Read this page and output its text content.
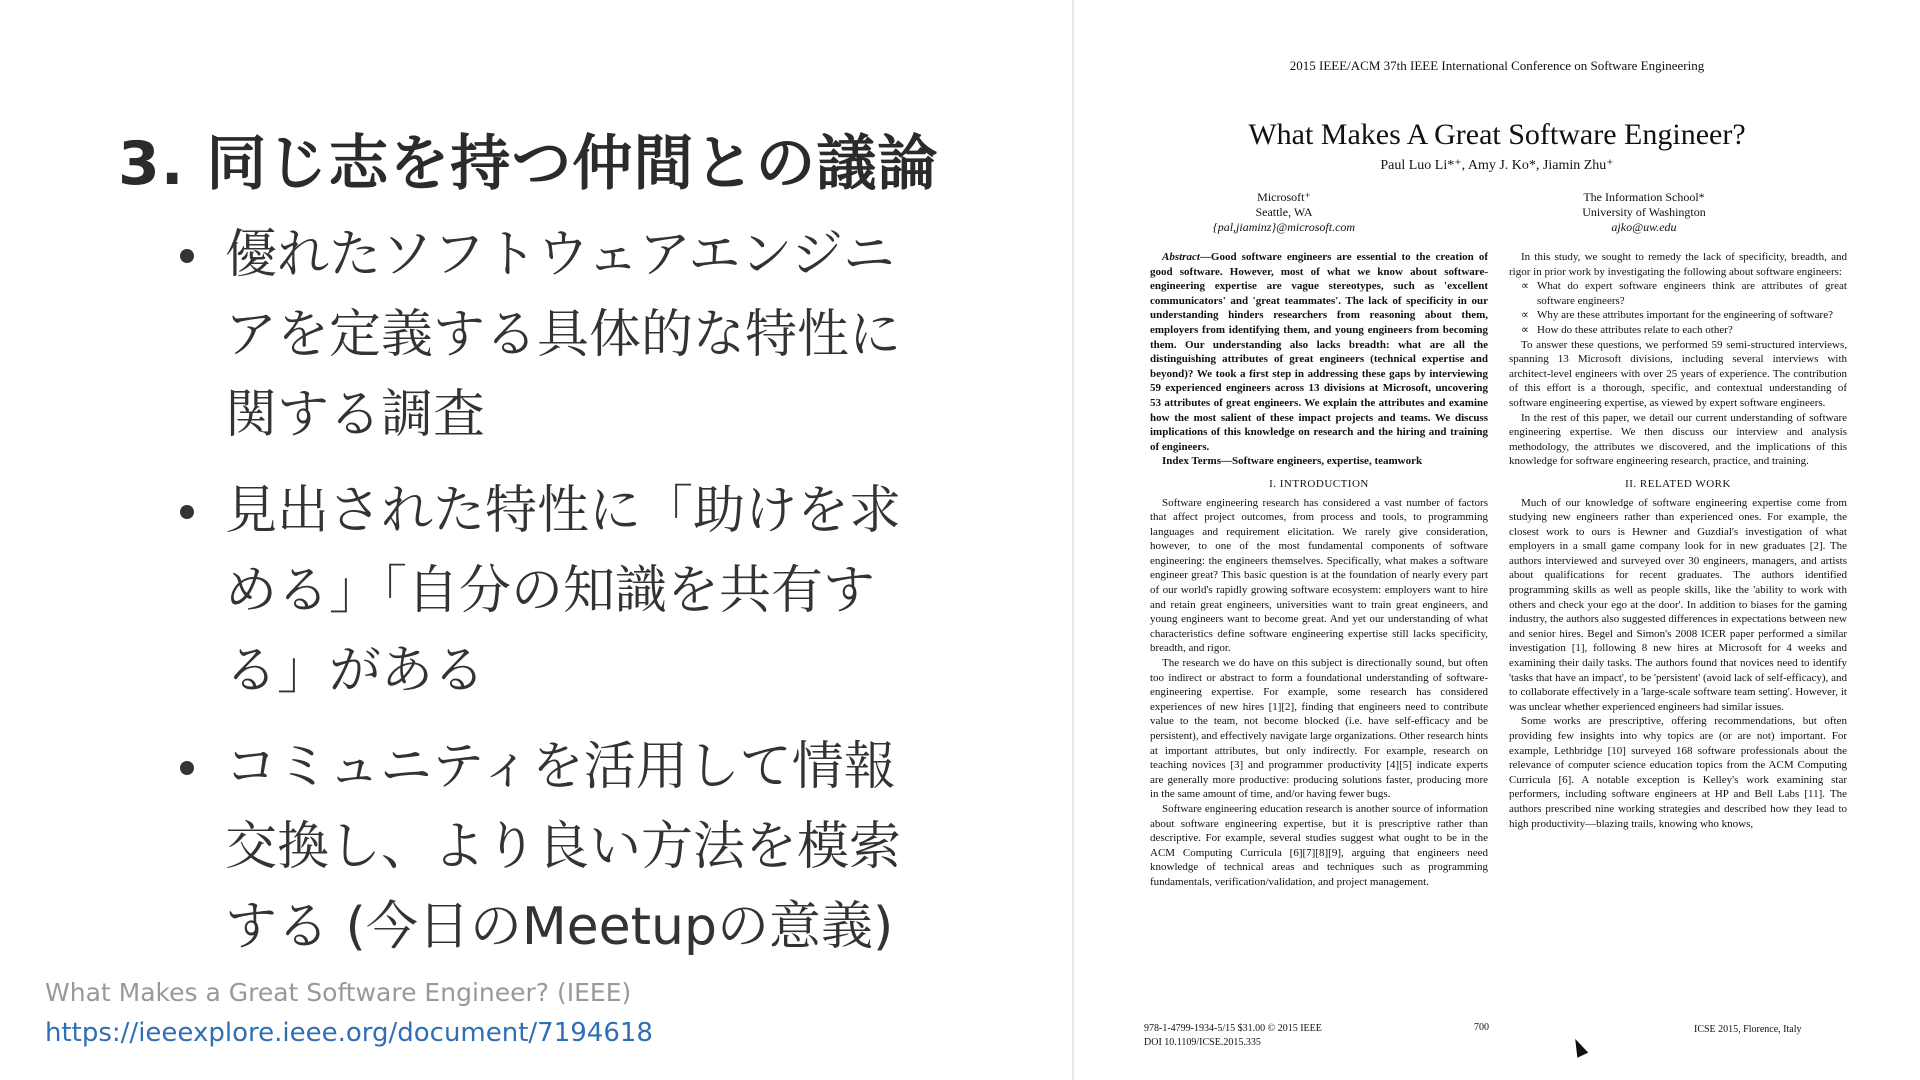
3. 同じ志を持つ仲間との議論
優れたソフトウェアエンジニアを定義する具体的な特性に関する調査
見出された特性に「助けを求める」「自分の知識を共有する」がある
コミュニティを活用して情報交換し、より良い方法を模索する (今日のMeetupの意義)
What Makes a Great Software Engineer? (IEEE)
https://ieeexplore.ieee.org/document/7194618
2015 IEEE/ACM 37th IEEE International Conference on Software Engineering
What Makes A Great Software Engineer?
Paul Luo Li*⁺, Amy J. Ko*, Jiamin Zhu⁺
Microsoft⁺
Seattle, WA
{pal,jiaminz}@microsoft.com
The Information School*
University of Washington
ajko@uw.edu

Abstract—Good software engineers are essential to the creation of good software. However, most of what we know about software-engineering expertise are vague stereotypes, such as 'excellent communicators' and 'great teammates'. The lack of specificity in our understanding hinders researchers from reasoning about them, employers from identifying them, and young engineers from becoming them. Our understanding also lacks breadth: what are all the distinguishing attributes of great engineers (technical expertise and beyond)? We took a first step in addressing these gaps by interviewing 59 experienced engineers across 13 divisions at Microsoft, uncovering 53 attributes of great engineers. We explain the attributes and examine how the most salient of these impact projects and teams. We discuss implications of this knowledge on research and the hiring and training of engineers.

Index Terms—Software engineers, expertise, teamwork

I. INTRODUCTION

Software engineering research has considered a vast number of factors that affect project outcomes, from process and tools, to programming languages and requirement elicitation. We rarely give consideration, however, to one of the most fundamental components of software engineering: the engineers themselves. Specifically, what makes a software engineer great? This basic question is at the foundation of nearly every part of our world's rapidly growing software ecosystem: employers want to hire and retain great engineers, universities want to train great engineers, and young engineers want to become great. And yet our understanding of what characteristics define software engineering expertise still lacks specificity, breadth, and rigor.

The research we do have on this subject is directionally sound, but often too indirect or abstract to form a foundational understanding of software-engineering expertise. For example, some research has considered experiences of new hires [1][2], finding that engineers need to contribute value to the team, not become blocked (i.e. have self-efficacy and be persistent), and effectively navigate large organizations. Other research hints at important attributes, but only indirectly. For example, research on teaching novices [3] and programmer productivity [4][5] indicate experts are generally more productive: producing solutions faster, producing more in the same amount of time, and/or having fewer bugs.

Software engineering education research is another source of information about software engineering expertise, but it is prescriptive rather than descriptive. For example, several studies suggest what ought to be in the ACM Computing Curricula [6][7][8][9], arguing that engineers need knowledge of technical areas and techniques such as programming fundamentals, verification/validation, and project management.

In this study, we sought to remedy the lack of specificity, breadth, and rigor in prior work by investigating the following about software engineers:

∝ What do expert software engineers think are attributes of great software engineers?
∝ Why are these attributes important for the engineering of software?
∝ How do these attributes relate to each other?

To answer these questions, we performed 59 semi-structured interviews, spanning 13 Microsoft divisions, including several interviews with architect-level engineers with over 25 years of experience. The contribution of this effort is a thorough, specific, and contextual understanding of software engineering expertise, as viewed by expert software engineers.

In the rest of this paper, we detail our current understanding of software engineering expertise. We then discuss our interview and analysis methodology, the attributes we discovered, and the implications of this knowledge for software engineering research, practice, and training.

II. RELATED WORK

Much of our knowledge of software engineering expertise come from studying new engineers rather than experienced ones. For example, the closest work to ours is Hewner and Guzdial's investigation of what employers in a small game company look for in new graduates [2]. The authors interviewed and surveyed over 30 engineers, managers, and artists about qualifications for recent graduates. The authors identified programming skills as well as people skills, like the 'ability to work with others and check your ego at the door'. In addition to biases for the gaming industry, the authors also suggested differences in expectations between new and senior hires. Begel and Simon's 2008 ICER paper performed a similar investigation [1], following 8 new hires at Microsoft for 4 weeks and examining their daily tasks. The authors found that novices need to identify 'tasks that have an impact', to be 'persistent' (avoid lack of self-efficacy), and to collaborate effectively in a 'large-scale software team setting'. However, it was unclear whether experienced engineers had similar issues.

Some works are prescriptive, offering recommendations, but often providing few insights into why topics are (or are not) important. For example, Lethbridge [10] surveyed 168 software professionals about the relevance of computer science education topics from the ACM Computing Curricula [6]. A notable exception is Kelley's work examining star performers, including software engineers at HP and Bell Labs [11]. The authors prescribed nine working strategies and described how they lead to high productivity—blazing trails, knowing who knows,

978-1-4799-1934-5/15 $31.00 © 2015 IEEE
DOI 10.1109/ICSE.2015.335
700	ICSE 2015, Florence, Italy
